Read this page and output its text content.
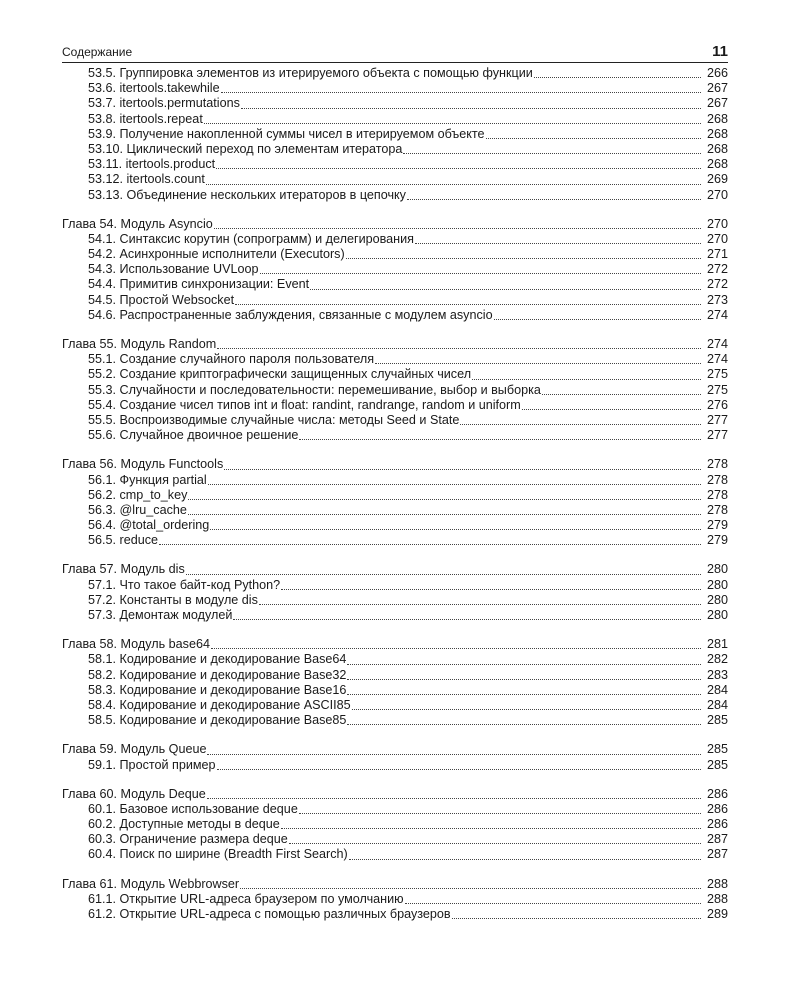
Содержание	11
53.5. Группировка элементов из итерируемого объекта с помощью функции	266
53.6. itertools.takewhile	267
53.7. itertools.permutations	267
53.8. itertools.repeat	268
53.9. Получение накопленной суммы чисел в итерируемом объекте	268
53.10. Циклический переход по элементам итератора	268
53.11. itertools.product	268
53.12. itertools.count	269
53.13. Объединение нескольких итераторов в цепочку	270
Глава 54. Модуль Asyncio	270
54.1. Синтаксис корутин (сопрограмм) и делегирования	270
54.2. Асинхронные исполнители (Executors)	271
54.3. Использование UVLoop	272
54.4. Примитив синхронизации: Event	272
54.5. Простой Websocket	273
54.6. Распространенные заблуждения, связанные с модулем asyncio	274
Глава 55. Модуль Random	274
55.1. Создание случайного пароля пользователя	274
55.2. Создание криптографически защищенных случайных чисел	275
55.3. Случайности и последовательности: перемешивание, выбор и выборка	275
55.4. Создание чисел типов int и float: randint, randrange, random и uniform	276
55.5. Воспроизводимые случайные числа: методы Seed и State	277
55.6. Случайное двоичное решение	277
Глава 56. Модуль Functools	278
56.1. Функция partial	278
56.2. cmp_to_key	278
56.3. @lru_cache	278
56.4. @total_ordering	279
56.5. reduce	279
Глава 57. Модуль dis	280
57.1. Что такое байт-код Python?	280
57.2. Константы в модуле dis	280
57.3. Демонтаж модулей	280
Глава 58. Модуль base64	281
58.1. Кодирование и декодирование Base64	282
58.2. Кодирование и декодирование Base32	283
58.3. Кодирование и декодирование Base16	284
58.4. Кодирование и декодирование ASCII85	284
58.5. Кодирование и декодирование Base85	285
Глава 59. Модуль Queue	285
59.1. Простой пример	285
Глава 60. Модуль Deque	286
60.1. Базовое использование deque	286
60.2. Доступные методы в deque	286
60.3. Ограничение размера deque	287
60.4. Поиск по ширине (Breadth First Search)	287
Глава 61. Модуль Webbrowser	288
61.1. Открытие URL-адреса браузером по умолчанию	288
61.2. Открытие URL-адреса с помощью различных браузеров	289
